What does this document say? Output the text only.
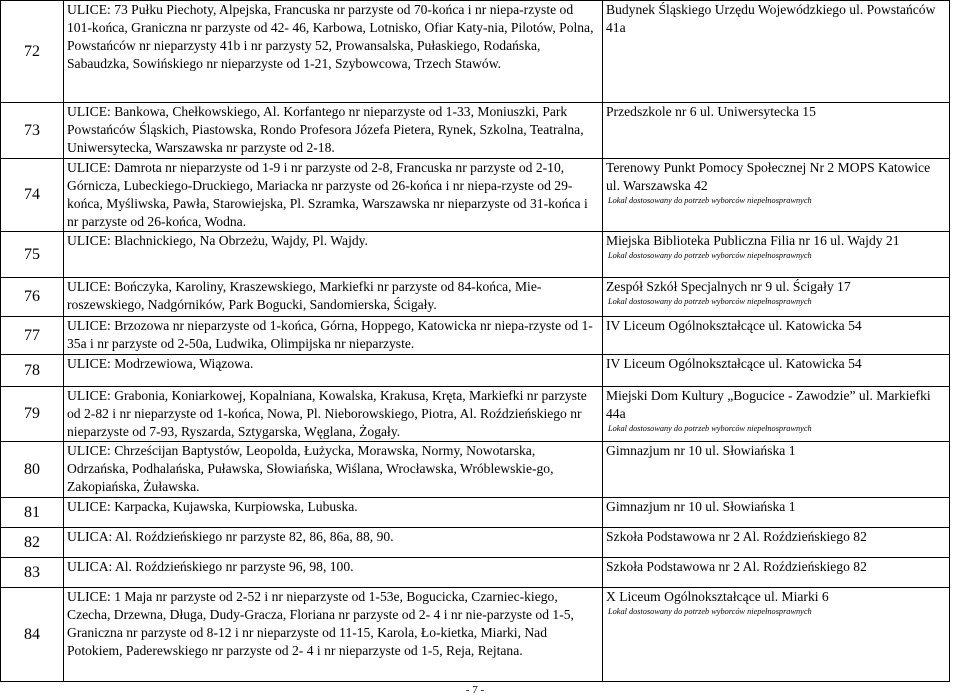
72	ULICE: 73 Pułku Piechoty, Alpejska, Francuska nr parzyste od 70-końca i nr niepa-rzyste od 101-końca, Graniczna nr parzyste od 42- 46, Karbowa, Lotnisko, Ofiar Katy-nia, Pilotów, Polna, Powstańców nr nieparzysty 41b i nr parzysty 52, Prowansalska, Pułaskiego, Rodańska, Sabaudzka, Sowińskiego nr nieparzyste od 1-21, Szybowcowa, Trzech Stawów.	Budynek Śląskiego Urzędu Wojewódzkiego ul. Powstańców 41a

73	ULICE: Bankowa, Chełkowskiego, Al. Korfantego nr nieparzyste od 1-33, Moniuszki, Park Powstańców Śląskich, Piastowska, Rondo Profesora Józefa Pietera, Rynek, Szkolna, Teatralna, Uniwersytecka, Warszawska nr parzyste od 2-18.	Przedszkole nr 6 ul. Uniwersytecka 15

74	ULICE: Damrota nr nieparzyste od 1-9 i nr parzyste od 2-8, Francuska nr parzyste od 2-10, Górnicza, Lubeckiego-Druckiego, Mariacka nr parzyste od 26-końca i nr niepa-rzyste od 29-końca, Myśliwska, Pawła, Starowiejska, Pl. Szramka, Warszawska nr nieparzyste od 31-końca i nr parzyste od 26-końca, Wodna.	Terenowy Punkt Pomocy Społecznej Nr 2 MOPS Katowice ul. Warszawska 42
Lokal dostosowany do potrzeb wyborców niepełnosprawnych

75	ULICE: Blachnickiego, Na Obrzeżu, Wajdy, Pl. Wajdy.	Miejska Biblioteka Publiczna Filia nr 16 ul. Wajdy 21
Lokal dostosowany do potrzeb wyborców niepełnosprawnych

76	ULICE: Bończyka, Karoliny, Kraszewskiego, Markiefki nr parzyste od 84-końca, Mie-roszewskiego, Nadgórników, Park Bogucki, Sandomierska, Ścigały.	Zespół Szkół Specjalnych nr 9 ul. Ścigały 17
Lokal dostosowany do potrzeb wyborców niepełnosprawnych

77	ULICE: Brzozowa nr nieparzyste od 1-końca, Górna, Hoppego, Katowicka nr niepa-rzyste od 1-35a i nr parzyste od 2-50a, Ludwika, Olimpijska nr nieparzyste.	IV Liceum Ogólnokształcące ul. Katowicka 54

78	ULICE: Modrzewiowa, Wiązowa.	IV Liceum Ogólnokształcące ul. Katowicka 54

79	ULICE: Grabonia, Koniarkowej, Kopalniana, Kowalska, Krakusa, Kręta, Markiefki nr parzyste od 2-82 i nr nieparzyste od 1-końca, Nowa, Pl. Nieborowskiego, Piotra, Al. Roździeńskiego nr nieparzyste od 7-93, Ryszarda, Sztygarska, Węglana, Żogały.	Miejski Dom Kultury „Bogucice - Zawodzie” ul. Markiefki 44a
Lokal dostosowany do potrzeb wyborców niepełnosprawnych

80	ULICE: Chrześcijan Baptystów, Leopolda, Łużycka, Morawska, Normy, Nowotarska, Odrzańska, Podhalańska, Puławska, Słowiańska, Wiślana, Wrocławska, Wróblewskie-go, Zakopiańska, Żuławska.	Gimnazjum nr 10 ul. Słowiańska 1

81	ULICE: Karpacka, Kujawska, Kurpiowska, Lubuska.	Gimnazjum nr 10 ul. Słowiańska 1

82	ULICA: Al. Roździeńskiego nr parzyste 82, 86, 86a, 88, 90.	Szkoła Podstawowa nr 2 Al. Roździeńskiego 82

83	ULICA: Al. Roździeńskiego nr parzyste 96, 98, 100.	Szkoła Podstawowa nr 2 Al. Roździeńskiego 82

84	ULICE: 1 Maja nr parzyste od 2-52 i nr nieparzyste od 1-53e, Bogucicka, Czarniec-kiego, Czecha, Drzewna, Długa, Dudy-Gracza, Floriana nr parzyste od 2- 4 i nr nie-parzyste od 1-5, Graniczna nr parzyste od 8-12 i nr nieparzyste od 11-15, Karola, Ło-kietka, Miarki, Nad Potokiem, Paderewskiego nr parzyste od 2- 4 i nr nieparzyste od 1-5, Reja, Rejtana.	X Liceum Ogólnokształcące ul. Miarki 6
Lokal dostosowany do potrzeb wyborców niepełnosprawnych
- 7 -
